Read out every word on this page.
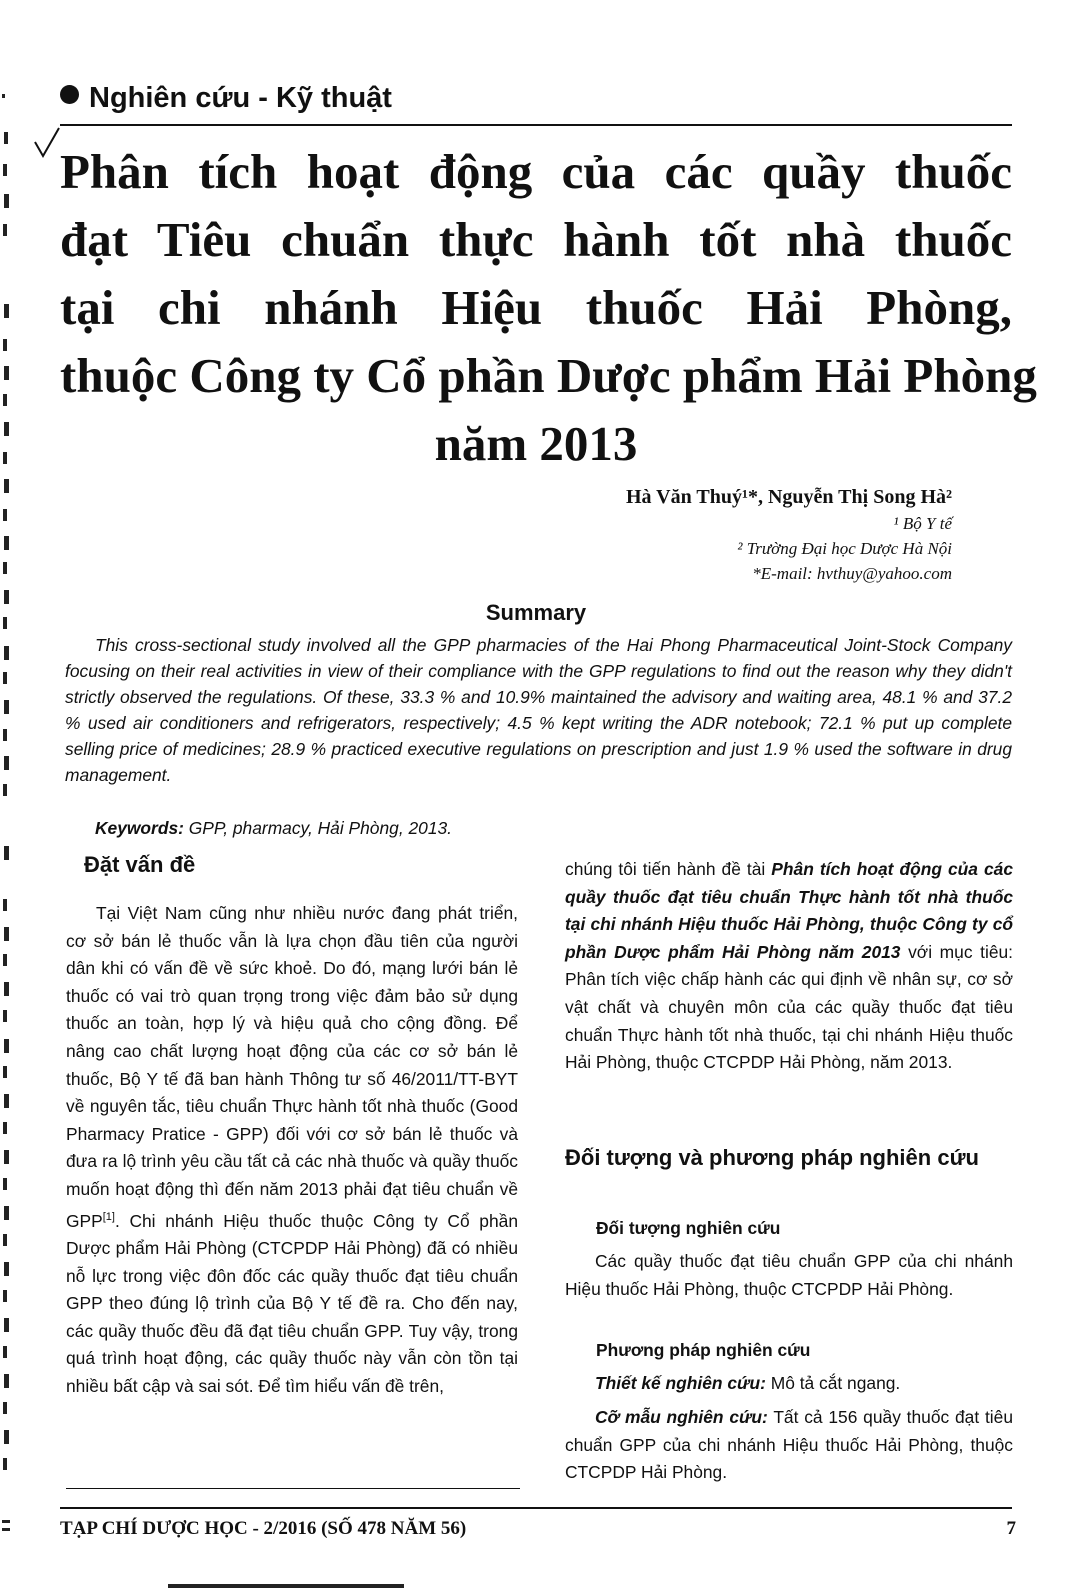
Nghiên cứu - Kỹ thuật
Phân tích hoạt động của các quầy thuốc
đạt Tiêu chuẩn thực hành tốt nhà thuốc
tại chi nhánh Hiệu thuốc Hải Phòng,
thuộc Công ty Cổ phần Dược phẩm Hải Phòng
năm 2013
Hà Văn Thuý¹*, Nguyễn Thị Song Hà²
¹ Bộ Y tế
² Trường Đại học Dược Hà Nội
*E-mail: hvthuy@yahoo.com
Summary
This cross-sectional study involved all the GPP pharmacies of the Hai Phong Pharmaceutical Joint-Stock Company focusing on their real activities in view of their compliance with the GPP regulations to find out the reason why they didn't strictly observed the regulations. Of these, 33.3 % and 10.9% maintained the advisory and waiting area, 48.1 % and 37.2 % used air conditioners and refrigerators, respectively; 4.5 % kept writing the ADR notebook; 72.1 % put up complete selling price of medicines; 28.9 % practiced executive regulations on prescription and just 1.9 % used the software in drug management.
Keywords: GPP, pharmacy, Hải Phòng, 2013.
Đặt vấn đề
Tại Việt Nam cũng như nhiều nước đang phát triển, cơ sở bán lẻ thuốc vẫn là lựa chọn đầu tiên của người dân khi có vấn đề về sức khoẻ. Do đó, mạng lưới bán lẻ thuốc có vai trò quan trọng trong việc đảm bảo sử dụng thuốc an toàn, hợp lý và hiệu quả cho cộng đồng. Để nâng cao chất lượng hoạt động của các cơ sở bán lẻ thuốc, Bộ Y tế đã ban hành Thông tư số 46/2011/TT-BYT về nguyên tắc, tiêu chuẩn Thực hành tốt nhà thuốc (Good Pharmacy Pratice - GPP) đối với cơ sở bán lẻ thuốc và đưa ra lộ trình yêu cầu tất cả các nhà thuốc và quầy thuốc muốn hoạt động thì đến năm 2013 phải đạt tiêu chuẩn về GPP[1]. Chi nhánh Hiệu thuốc thuộc Công ty Cổ phần Dược phẩm Hải Phòng (CTCPDP Hải Phòng) đã có nhiều nỗ lực trong việc đôn đốc các quầy thuốc đạt tiêu chuẩn GPP theo đúng lộ trình của Bộ Y tế đề ra. Cho đến nay, các quầy thuốc đều đã đạt tiêu chuẩn GPP. Tuy vậy, trong quá trình hoạt động, các quầy thuốc này vẫn còn tồn tại nhiều bất cập và sai sót. Để tìm hiểu vấn đề trên,
chúng tôi tiến hành đề tài Phân tích hoạt động của các quầy thuốc đạt tiêu chuẩn Thực hành tốt nhà thuốc tại chi nhánh Hiệu thuốc Hải Phòng, thuộc Công ty cổ phần Dược phẩm Hải Phòng năm 2013 với mục tiêu: Phân tích việc chấp hành các qui định về nhân sự, cơ sở vật chất và chuyên môn của các quầy thuốc đạt tiêu chuẩn Thực hành tốt nhà thuốc, tại chi nhánh Hiệu thuốc Hải Phòng, thuộc CTCPDP Hải Phòng, năm 2013.
Đối tượng và phương pháp nghiên cứu
Đối tượng nghiên cứu
Các quầy thuốc đạt tiêu chuẩn GPP của chi nhánh Hiệu thuốc Hải Phòng, thuộc CTCPDP Hải Phòng.
Phương pháp nghiên cứu
Thiết kế nghiên cứu: Mô tả cắt ngang.
Cỡ mẫu nghiên cứu: Tất cả 156 quầy thuốc đạt tiêu chuẩn GPP của chi nhánh Hiệu thuốc Hải Phòng, thuộc CTCPDP Hải Phòng.
TẠP CHÍ DƯỢC HỌC - 2/2016 (SỐ 478 NĂM 56)	7
